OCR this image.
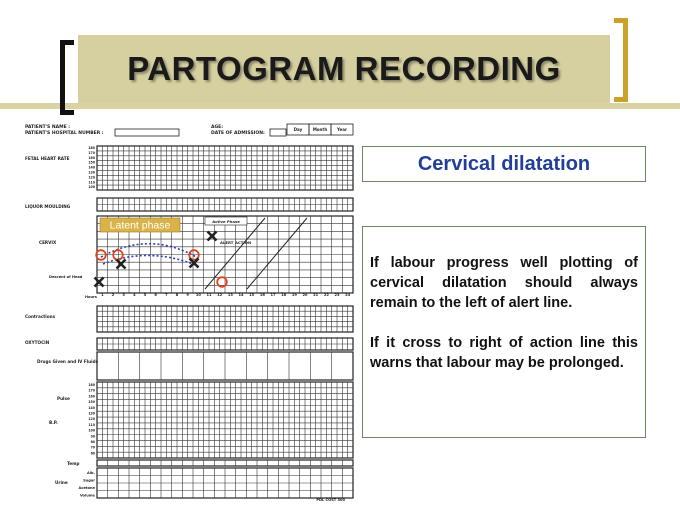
PARTOGRAM RECORDING
PATIENT'S NAME :
PATIENT'S HOSPITAL NUMBER :
AGE:
DATE OF ADMISSION:
Day	Month Year
180
170
160
150
140
130
120
110
100
FETAL HEART RATE
LIQUOR MOULDING
CERVIX
Descent of Head
1 2 3 4 5 6 7 8 9 10 11 12 13 14 15 16 17 18 19 20 21 22 23 24
Hours
Latent phase	Active Phase
ALERT ACTION
Contractions
OXYTOCIN
Drugs Given and IV Fluids
180
170
160
150
140
130
120
110
100
90
80
70
60
Pulse
B.P.
Temp
Alb.
Sugar
Acetone
Volume
Urine
PDL COST 300
Cervical dilatation

If labour progress well plotting of cervical dilatation should always remain to the left of alert line.

If it cross to right of action line this warns that labour may be prolonged.
